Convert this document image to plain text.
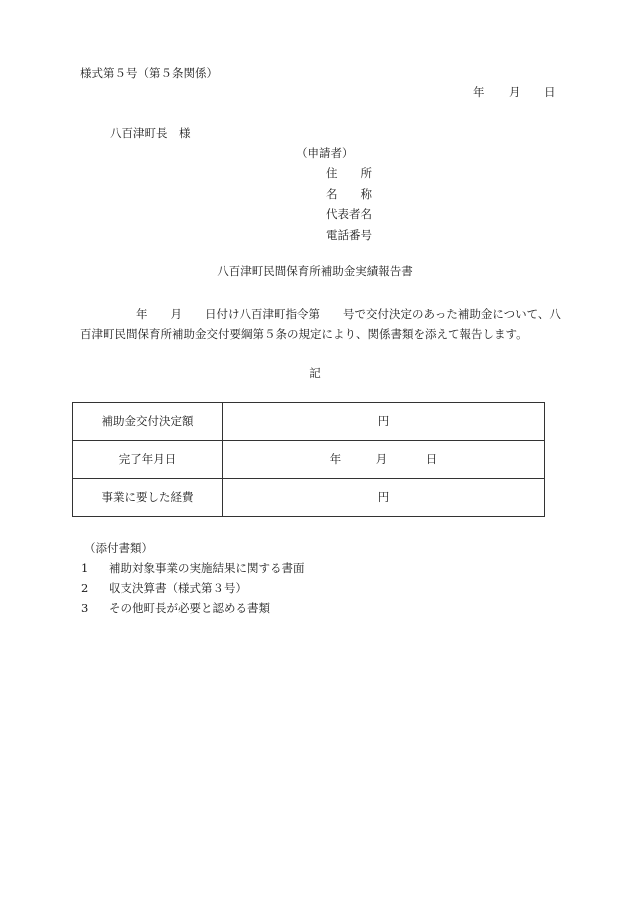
様式第５号（第５条関係）
年 月 日
八百津町長　様
（申請者）
住　　所
名　　称
代表者名
電話番号
八百津町民間保育所補助金実績報告書
年　　月　　日付け八百津町指令第　　号で交付決定のあった補助金について、八
百津町民間保育所補助金交付要綱第５条の規定により、関係書類を添えて報告します。
記
補助金交付決定額	円
完了年月日	年 月 日
事業に要した経費	円
（添付書類）
1 補助対象事業の実施結果に関する書面
2 収支決算書（様式第３号）
3 その他町長が必要と認める書類
